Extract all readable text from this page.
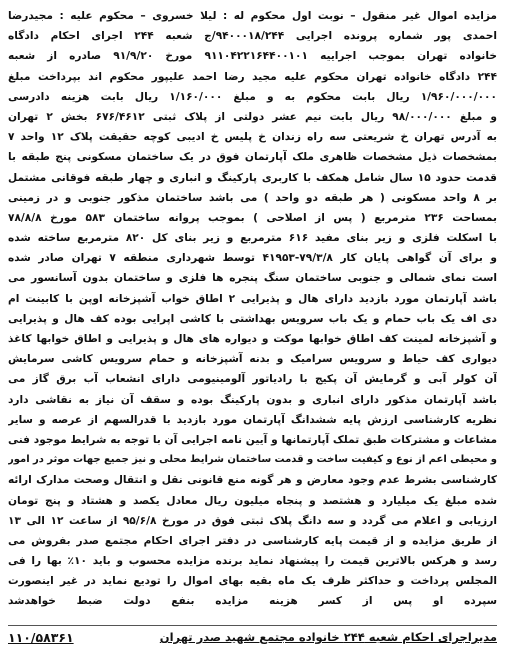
مزایده اموال غیر منقول – نوبت اول محکوم له : لیلا خسروی – محکوم علیه : مجیدرضا
احمدی پور شماره پرونده اجرایی ۹۴۰۰۰۱۸/۲۴۴/ج شعبه ۲۴۴ اجرای احکام دادگاه
خانواده تهران بموجب اجراییه ۹۱۱۰۴۲۲۱۶۴۴۰۰۱۰۱ مورخ ۹۱/۹/۲۰ صادره از شعبه
۲۴۴ دادگاه خانواده تهران محکوم علیه مجید رضا احمد علیپور محکوم اند بپرداخت مبلغ
۱/۹۶۰/۰۰۰/۰۰۰ ریال بابت محکوم به و مبلغ ۱/۱۶۰/۰۰۰ ریال بابت هزینه دادرسی
و مبلغ ۹۸/۰۰۰/۰۰۰ ریال بابت نیم عشر دولتی از پلاک ثبتی ۶۷۶/۴۶۱۲ بخش ۲ تهران
به آدرس تهران خ شریعتی سه راه زندان خ پلیس خ ادیبی کوچه حقیقت پلاک ۱۲ واحد ۷
بمشخصات ذیل مشخصات ظاهری ملک آپارتمان فوق در یک ساختمان مسکونی پنج طبقه با
قدمت حدود ۱۵ سال شامل همکف با کاربری پارکینگ و انباری و چهار طبقه فوقانی مشتمل
بر ۸ واحد مسکونی ( هر طبقه دو واحد ) می باشد ساختمان مذکور جنوبی و در زمینی
بمساحت ۲۳۶ مترمربع ( پس از اصلاحی ) بموجب پروانه ساختمان ۵۸۳ مورخ ۷۸/۸/۸
با اسکلت فلزی و زیر بنای مفید ۶۱۶ مترمربع و زیر بنای کل ۸۲۰ مترمربع ساخته شده
و برای آن گواهی پایان کار ۷۹/۳/۸-۴۱۹۵۳ توسط شهرداری منطقه ۷ تهران صادر شده
است نمای شمالی و جنوبی ساختمان سنگ پنجره ها فلزی و ساختمان بدون آسانسور می
باشد آپارتمان مورد بازدید دارای هال و پذیرایی ۲ اطاق خواب آشپزخانه اوپن با کابینت ام
دی اف یک باب حمام و یک باب سرویس بهداشتی با کاشی اپرایی بوده کف هال و پذیرایی
و آشپزخانه لمینت کف اطاق خوابها موکت و دیواره های هال و پذیرایی و اطاق خوابها کاغذ
دیواری کف حیاط و سرویس سرامیک و بدنه آشپزخانه و حمام سرویس کاشی سرمایش
آن کولر آبی و گرمایش آن پکیج با رادیاتور آلومینیومی دارای انشعاب آب برق گاز می
باشد آپارتمان مذکور دارای انباری و بدون پارکینگ بوده و سقف آن نیاز به نقاشی دارد
نظریه کارشناسی ارزش پایه ششدانگ آپارتمان مورد بازدید با قدرالسهم از عرصه و سایر
مشاعات و مشترکات طبق تملک آپارتمانها و آیین نامه اجرایی آن با توجه به شرایط موجود فنی
و محیطی اعم از نوع و کیفیت ساخت و قدمت ساختمان شرایط محلی و نیز جمیع جهات موثر در امور
کارشناسی بشرط عدم وجود معارض و هر گونه منع قانونی نقل و انتقال وصحت مدارک ارائه
شده مبلغ یک میلیارد و هشتصد و پنجاه میلیون ریال معادل یکصد و هشتاد و پنج تومان
ارزیابی و اعلام می گردد و سه دانگ پلاک ثبتی فوق در مورخ ۹۵/۶/۸ از ساعت ۱۲ الی ۱۳
از طریق مزایده و از قیمت پایه کارشناسی در دفتر اجرای احکام مجتمع صدر بفروش می
رسد و هرکس بالاترین قیمت را پیشنهاد نماید برنده مزایده محسوب و باید ۱۰٪ بها را فی
المجلس پرداخت و حداکثر ظرف یک ماه بقیه بهای اموال را تودیع نماید در غیر اینصورت
سپرده او پس از کسر هزینه مزایده بنفع دولت ضبط خواهدشد
مدیراجرای احکام شعبه ۲۴۴ خانواده مجتمع شهید صدر تهران
۱۱۰/۵۸۳۶۱
